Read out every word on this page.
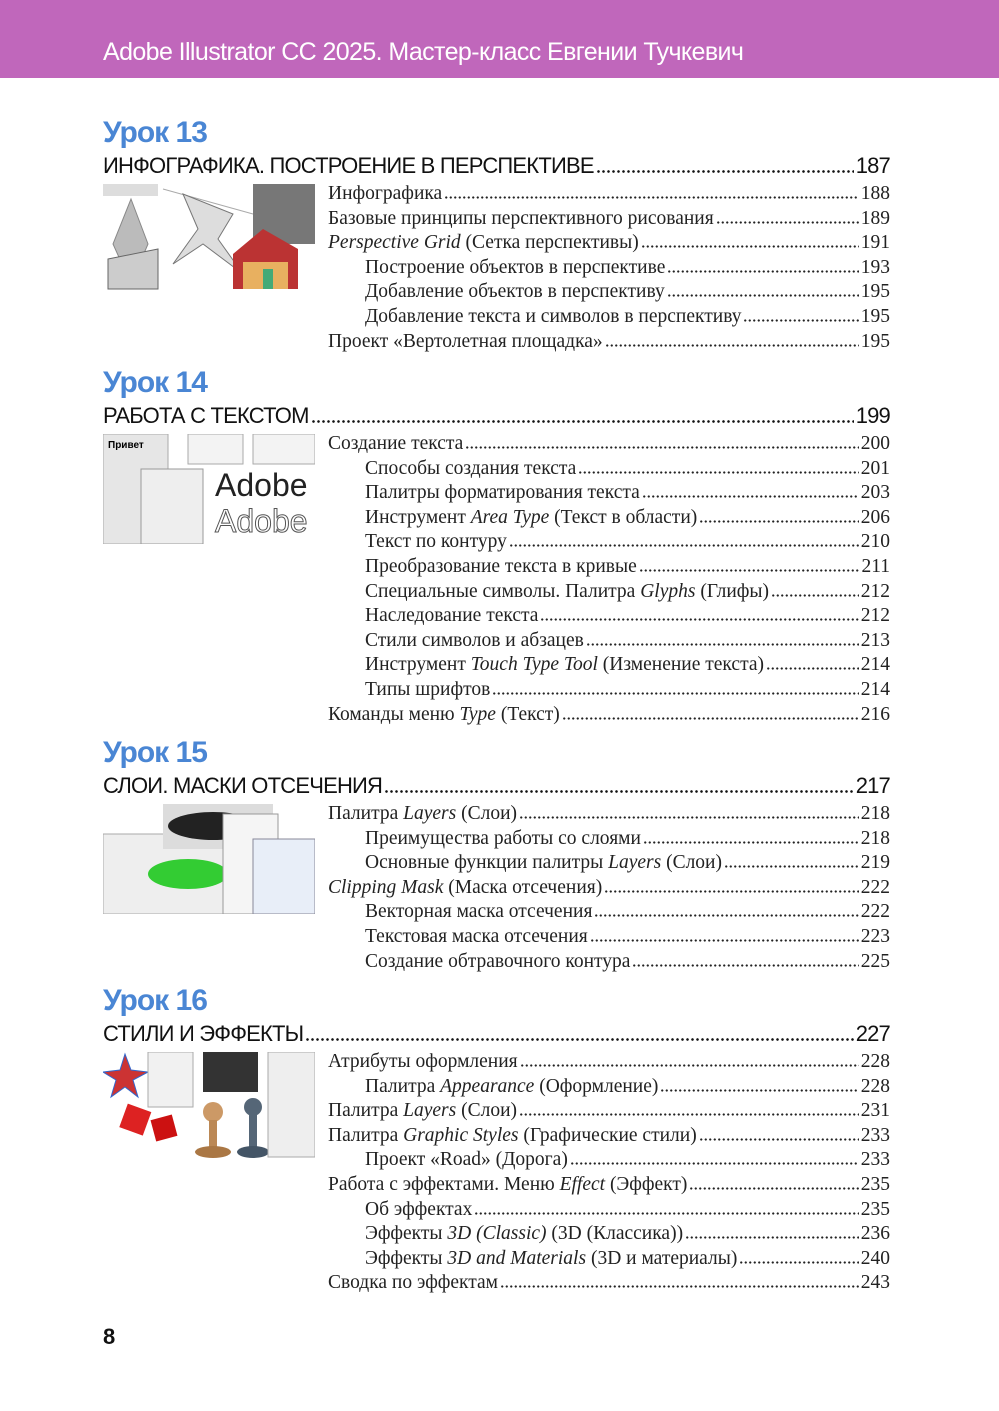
Adobe Illustrator CC 2025. Мастер-класс Евгении Тучкевич
Урок 13
ИНФОГРАФИКА. ПОСТРОЕНИЕ В ПЕРСПЕКТИВЕ	187
Инфографика	188
Базовые принципы перспективного рисования	189
Perspective Grid (Сетка перспективы)	191
Построение объектов в перспективе	193
Добавление объектов в перспективу	195
Добавление текста и символов в перспективу	195
Проект «Вертолетная площадка»	195
Урок 14
РАБОТА С ТЕКСТОМ	199
Привет
Adobe
Adobe
Создание текста	200
Способы создания текста	201
Палитры форматирования текста	203
Инструмент Area Type (Текст в области)	206
Текст по контуру	210
Преобразование текста в кривые	211
Специальные символы. Палитра Glyphs (Глифы)	212
Наследование текста	212
Стили символов и абзацев	213
Инструмент Touch Type Tool (Изменение текста)	214
Типы шрифтов	214
Команды меню Type (Текст)	216
Урок 15
СЛОИ. МАСКИ ОТСЕЧЕНИЯ	217
Палитра Layers (Слои)	218
Преимущества работы со слоями	218
Основные функции палитры Layers (Слои)	219
Clipping Mask (Маска отсечения)	222
Векторная маска отсечения	222
Текстовая маска отсечения	223
Создание обтравочного контура	225
Урок 16
СТИЛИ И ЭФФЕКТЫ	227
Атрибуты оформления	228
Палитра Appearance (Оформление)	228
Палитра Layers (Слои)	231
Палитра Graphic Styles (Графические стили)	233
Проект «Road» (Дорога)	233
Работа с эффектами. Меню Effect (Эффект)	235
Об эффектах	235
Эффекты 3D (Classic) (3D (Классика))	236
Эффекты 3D and Materials (3D и материалы)	240
Сводка по эффектам	243
8
